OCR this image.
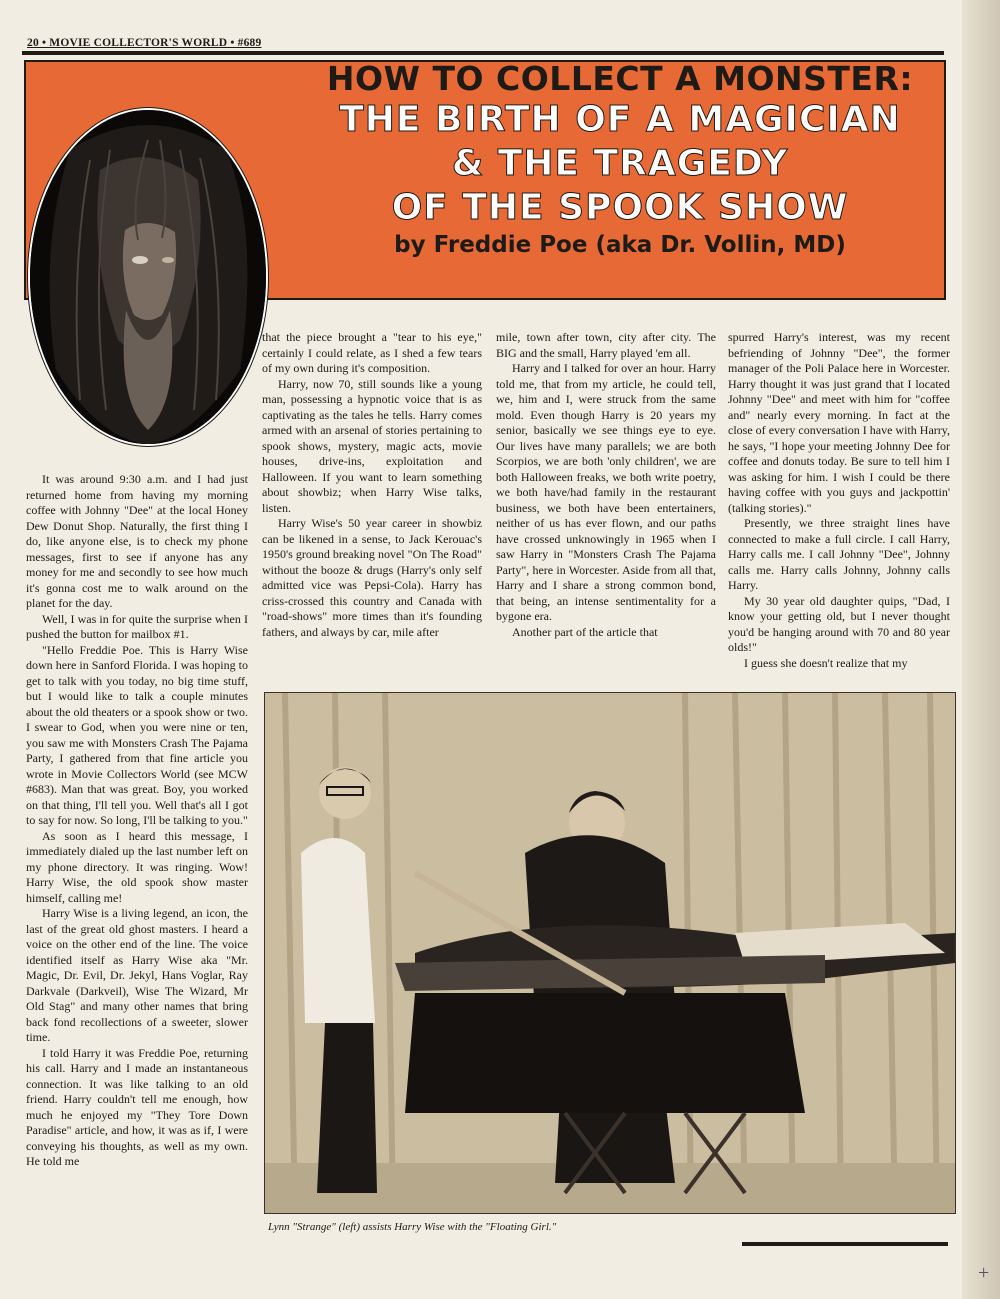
20 • MOVIE COLLECTOR'S WORLD • #689
HOW TO COLLECT A MONSTER:
THE BIRTH OF A MAGICIAN
& THE TRAGEDY
OF THE SPOOK SHOW
by Freddie Poe (aka Dr. Vollin, MD)

It was around 9:30 a.m. and I had just returned home from having my morning coffee with Johnny "Dee" at the local Honey Dew Donut Shop. Naturally, the first thing I do, like anyone else, is to check my phone messages, first to see if anyone has any money for me and secondly to see how much it's gonna cost me to walk around on the planet for the day.

Well, I was in for quite the surprise when I pushed the button for mailbox #1.

"Hello Freddie Poe. This is Harry Wise down here in Sanford Florida. I was hoping to get to talk with you today, no big time stuff, but I would like to talk a couple minutes about the old theaters or a spook show or two. I swear to God, when you were nine or ten, you saw me with Monsters Crash The Pajama Party, I gathered from that fine article you wrote in Movie Collectors World (see MCW #683). Man that was great. Boy, you worked on that thing, I'll tell you. Well that's all I got to say for now. So long, I'll be talking to you."

As soon as I heard this message, I immediately dialed up the last number left on my phone directory. It was ringing. Wow! Harry Wise, the old spook show master himself, calling me!

Harry Wise is a living legend, an icon, the last of the great old ghost masters. I heard a voice on the other end of the line. The voice identified itself as Harry Wise aka "Mr. Magic, Dr. Evil, Dr. Jekyl, Hans Voglar, Ray Darkvale (Darkveil), Wise The Wizard, Mr Old Stag" and many other names that bring back fond recollections of a sweeter, slower time.

I told Harry it was Freddie Poe, returning his call. Harry and I made an instantaneous connection. It was like talking to an old friend. Harry couldn't tell me enough, how much he enjoyed my "They Tore Down Paradise" article, and how, it was as if, I were conveying his thoughts, as well as my own. He told me

that the piece brought a "tear to his eye," certainly I could relate, as I shed a few tears of my own during it's composition.

Harry, now 70, still sounds like a young man, possessing a hypnotic voice that is as captivating as the tales he tells. Harry comes armed with an arsenal of stories pertaining to spook shows, mystery, magic acts, movie houses, drive-ins, exploitation and Halloween. If you want to learn something about showbiz; when Harry Wise talks, listen.

Harry Wise's 50 year career in showbiz can be likened in a sense, to Jack Kerouac's 1950's ground breaking novel "On The Road" without the booze & drugs (Harry's only self admitted vice was Pepsi-Cola). Harry has criss-crossed this country and Canada with "road-shows" more times than it's founding fathers, and always by car, mile after

mile, town after town, city after city. The BIG and the small, Harry played 'em all.

Harry and I talked for over an hour. Harry told me, that from my article, he could tell, we, him and I, were struck from the same mold. Even though Harry is 20 years my senior, basically we see things eye to eye. Our lives have many parallels; we are both Scorpios, we are both 'only children', we are both Halloween freaks, we both write poetry, we both have/had family in the restaurant business, we both have been entertainers, neither of us has ever flown, and our paths have crossed unknowingly in 1965 when I saw Harry in "Monsters Crash The Pajama Party", here in Worcester. Aside from all that, Harry and I share a strong common bond, that being, an intense sentimentality for a bygone era.

Another part of the article that

spurred Harry's interest, was my recent befriending of Johnny "Dee", the former manager of the Poli Palace here in Worcester. Harry thought it was just grand that I located Johnny "Dee" and meet with him for "coffee and" nearly every morning. In fact at the close of every conversation I have with Harry, he says, "I hope your meeting Johnny Dee for coffee and donuts today. Be sure to tell him I was asking for him. I wish I could be there having coffee with you guys and jackpottin' (talking stories)."

Presently, we three straight lines have connected to make a full circle. I call Harry, Harry calls me. I call Johnny "Dee", Johnny calls me. Harry calls Johnny, Johnny calls Harry.

My 30 year old daughter quips, "Dad, I know your getting old, but I never thought you'd be hanging around with 70 and 80 year olds!"

I guess she doesn't realize that my

Lynn "Strange" (left) assists Harry Wise with the "Floating Girl."
+
